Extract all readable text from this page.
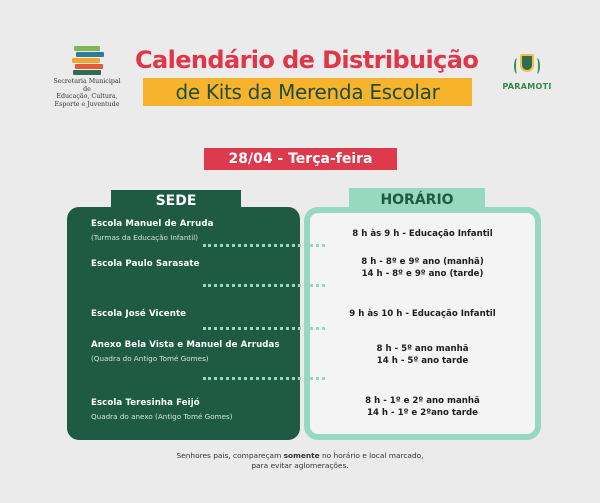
Secretaria Municipal de
Educação, Cultura,
Esporte e Juventude
Calendário de Distribuição
de Kits da Merenda Escolar	PARAMOTI
28/04 - Terça-feira
SEDE	HORÁRIO
Escola Manuel de Arruda
(Turmas da Educação Infantil)
Escola Paulo Sarasate
Escola José Vicente
Anexo Bela Vista e Manuel de Arrudas
(Quadra do Antigo Tomé Gomes)
Escola Teresinha Feijó
Quadra do anexo (Antigo Tomé Gomes)
8 h às 9 h - Educação Infantil
8 h - 8º e 9º ano (manhã)
14 h - 8º e 9º ano (tarde)
9 h às 10 h - Educação Infantil
8 h - 5º ano manhã
14 h - 5º ano tarde
8 h - 1º e 2º ano manhã
14 h - 1º e 2ºano tarde
Senhores pais, compareçam somente no horário e local marcado,
para evitar aglomerações.
